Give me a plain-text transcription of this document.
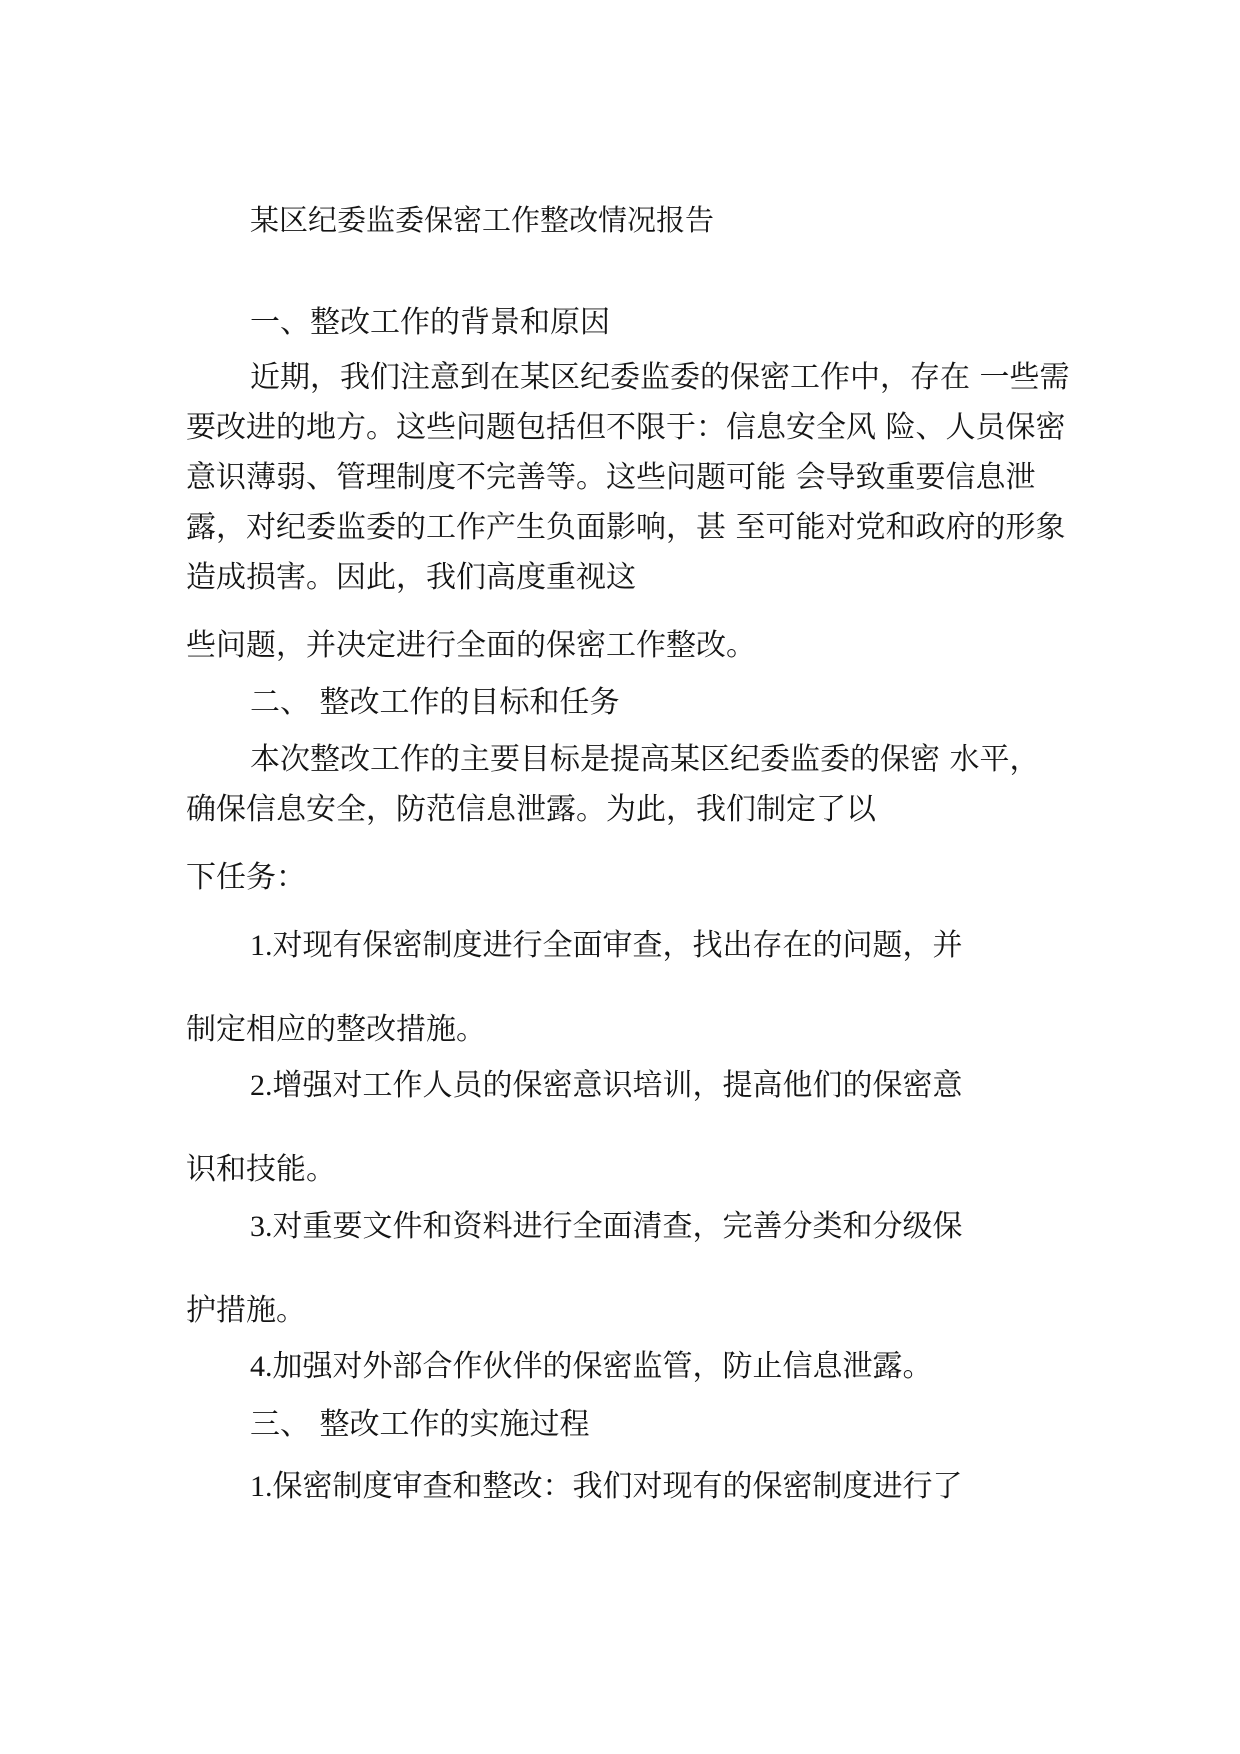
某区纪委监委保密工作整改情况报告
一、整改工作的背景和原因
近期，我们注意到在某区纪委监委的保密工作中，存在 一些需
要改进的地方。这些问题包括但不限于：信息安全风 险、人员保密
意识薄弱、管理制度不完善等。这些问题可能 会导致重要信息泄
露，对纪委监委的工作产生负面影响，甚 至可能对党和政府的形象
造成损害。因此，我们高度重视这
些问题，并决定进行全面的保密工作整改。
二、 整改工作的目标和任务
本次整改工作的主要目标是提高某区纪委监委的保密 水平，
确保信息安全，防范信息泄露。为此，我们制定了以
下任务：
1.对现有保密制度进行全面审查，找出存在的问题，并
制定相应的整改措施。
2.增强对工作人员的保密意识培训，提高他们的保密意
识和技能。
3.对重要文件和资料进行全面清查，完善分类和分级保
护措施。
4.加强对外部合作伙伴的保密监管，防止信息泄露。
三、 整改工作的实施过程
1.保密制度审查和整改：我们对现有的保密制度进行了
